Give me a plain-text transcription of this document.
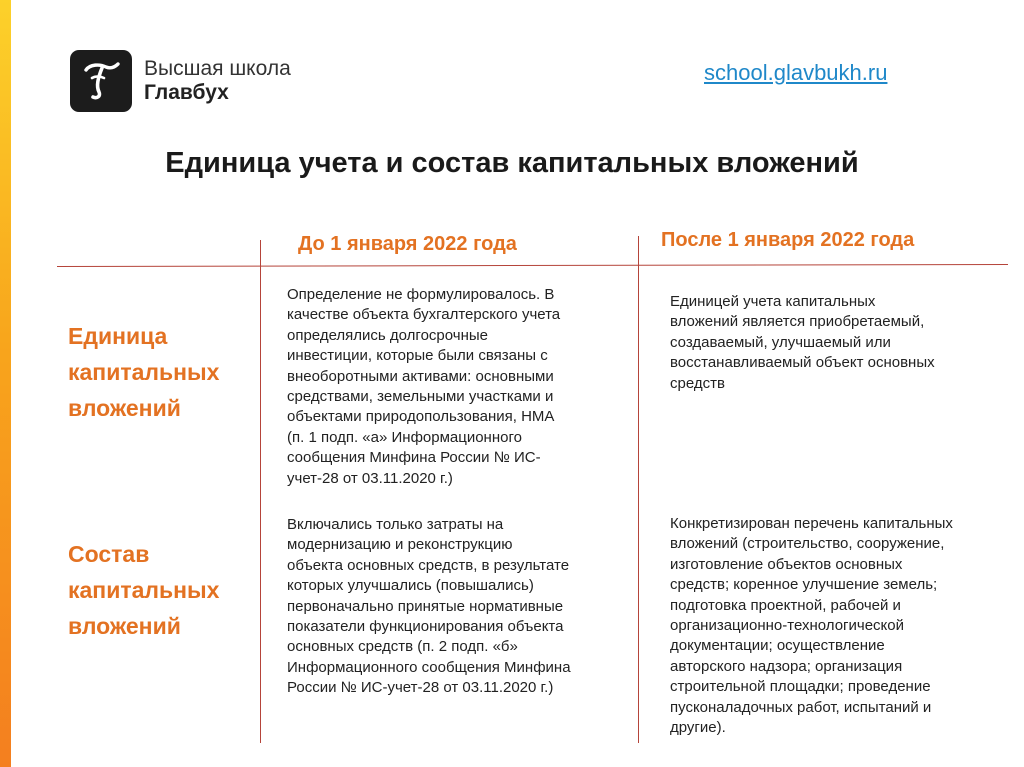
Высшая школа
Главбух
school.glavbukh.ru
Единица учета и состав капитальных вложений
До 1 января 2022 года	После 1 января 2022 года
Единица капитальных вложений
Определение не формулировалось. В
качестве объекта бухгалтерского учета
определялись долгосрочные
инвестиции, которые были связаны с
внеоборотными активами: основными
средствами, земельными участками и
объектами природопользования, НМА
(п. 1 подп. «а» Информационного
сообщения Минфина России № ИС-
учет-28 от 03.11.2020 г.)
Единицей учета капитальных
вложений является приобретаемый,
создаваемый, улучшаемый или
восстанавливаемый объект основных
средств
Состав капитальных вложений
Включались только затраты на
модернизацию и реконструкцию
объекта основных средств, в результате
которых улучшались (повышались)
первоначально принятые нормативные
показатели функционирования объекта
основных средств (п. 2 подп. «б»
Информационного сообщения Минфина
России № ИС-учет-28 от 03.11.2020 г.)
Конкретизирован перечень капитальных
вложений (строительство, сооружение,
изготовление объектов основных
средств; коренное улучшение земель;
подготовка проектной, рабочей и
организационно-технологической
документации; осуществление
авторского надзора; организация
строительной площадки; проведение
пусконаладочных работ, испытаний и
другие).
